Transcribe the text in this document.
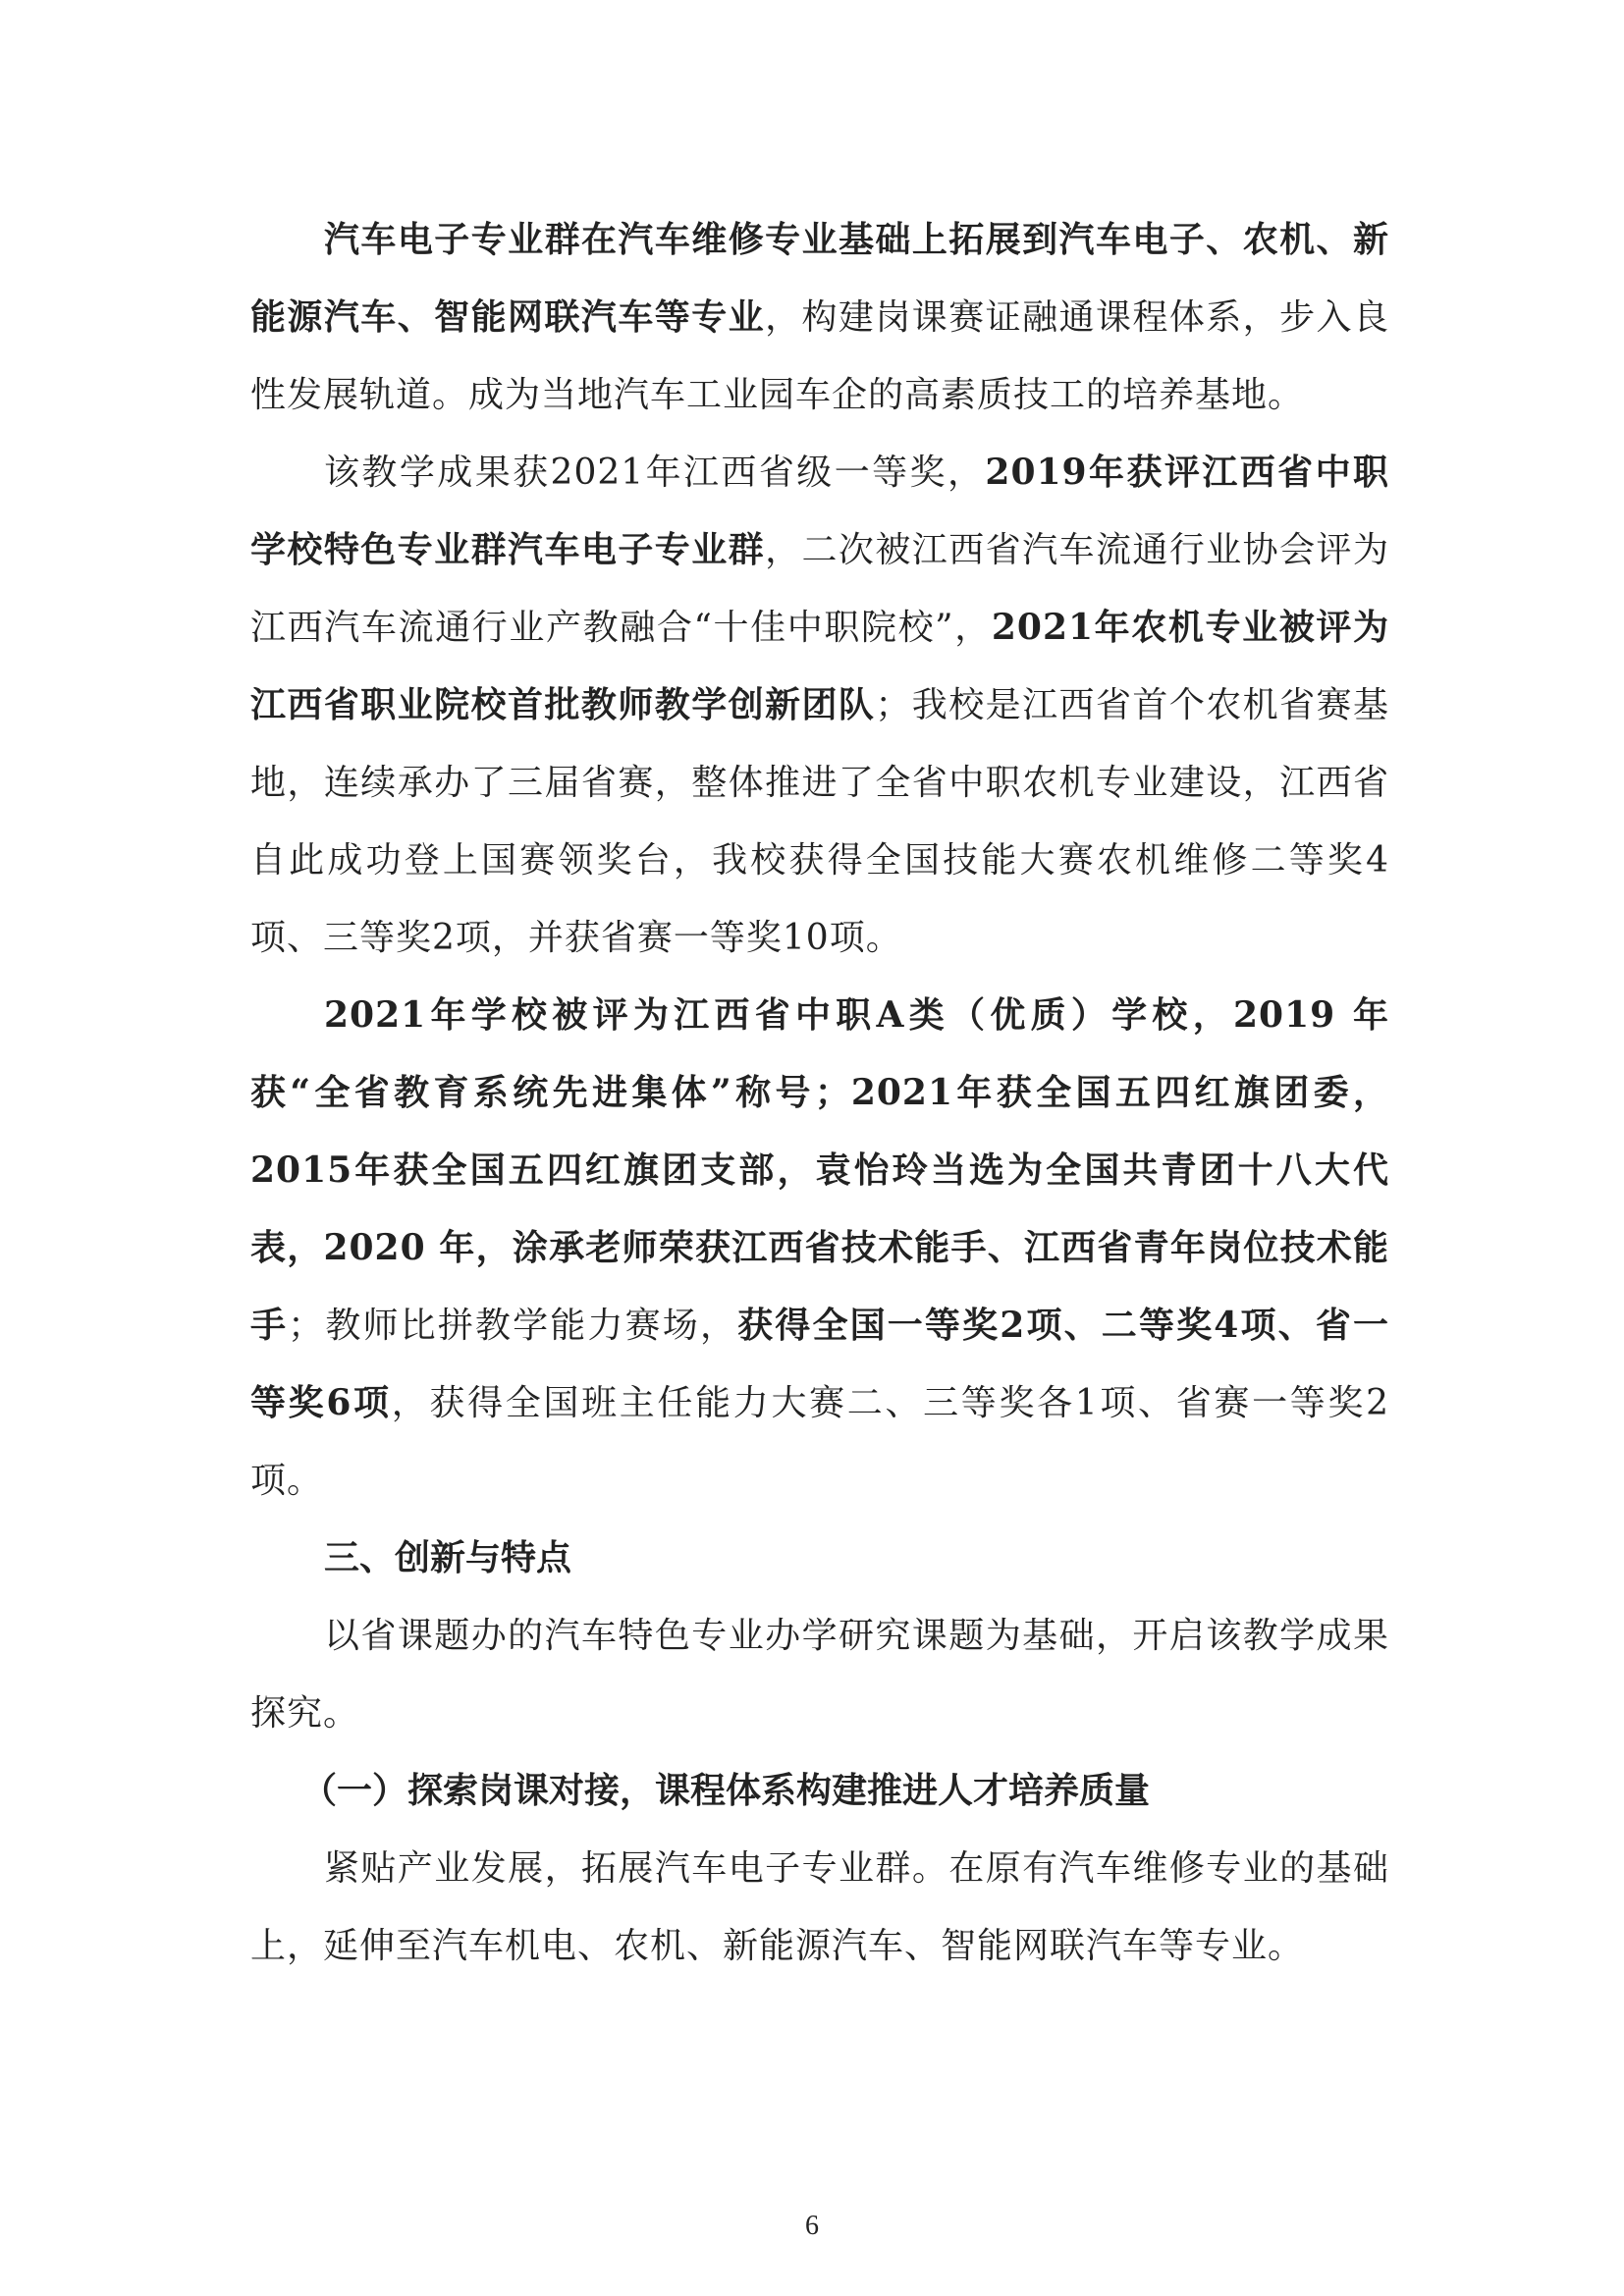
汽车电子专业群在汽车维修专业基础上拓展到汽车电子、农机、新能源汽车、智能网联汽车等专业，构建岗课赛证融通课程体系，步入良性发展轨道。成为当地汽车工业园车企的高素质技工的培养基地。

该教学成果获2021年江西省级一等奖，2019年获评江西省中职学校特色专业群汽车电子专业群，二次被江西省汽车流通行业协会评为江西汽车流通行业产教融合“十佳中职院校”，2021年农机专业被评为江西省职业院校首批教师教学创新团队；我校是江西省首个农机省赛基地，连续承办了三届省赛，整体推进了全省中职农机专业建设，江西省自此成功登上国赛领奖台，我校获得全国技能大赛农机维修二等奖4项、三等奖2项，并获省赛一等奖10项。

2021年学校被评为江西省中职A类（优质）学校，2019 年获“全省教育系统先进集体”称号；2021年获全国五四红旗团委，2015年获全国五四红旗团支部，袁怡玲当选为全国共青团十八大代表，2020 年，涂承老师荣获江西省技术能手、江西省青年岗位技术能手；教师比拼教学能力赛场，获得全国一等奖2项、二等奖4项、省一等奖6项，获得全国班主任能力大赛二、三等奖各1项、省赛一等奖2项。

三、创新与特点

以省课题办的汽车特色专业办学研究课题为基础，开启该教学成果探究。

（一）探索岗课对接，课程体系构建推进人才培养质量

紧贴产业发展，拓展汽车电子专业群。在原有汽车维修专业的基础上，延伸至汽车机电、农机、新能源汽车、智能网联汽车等专业。

6
